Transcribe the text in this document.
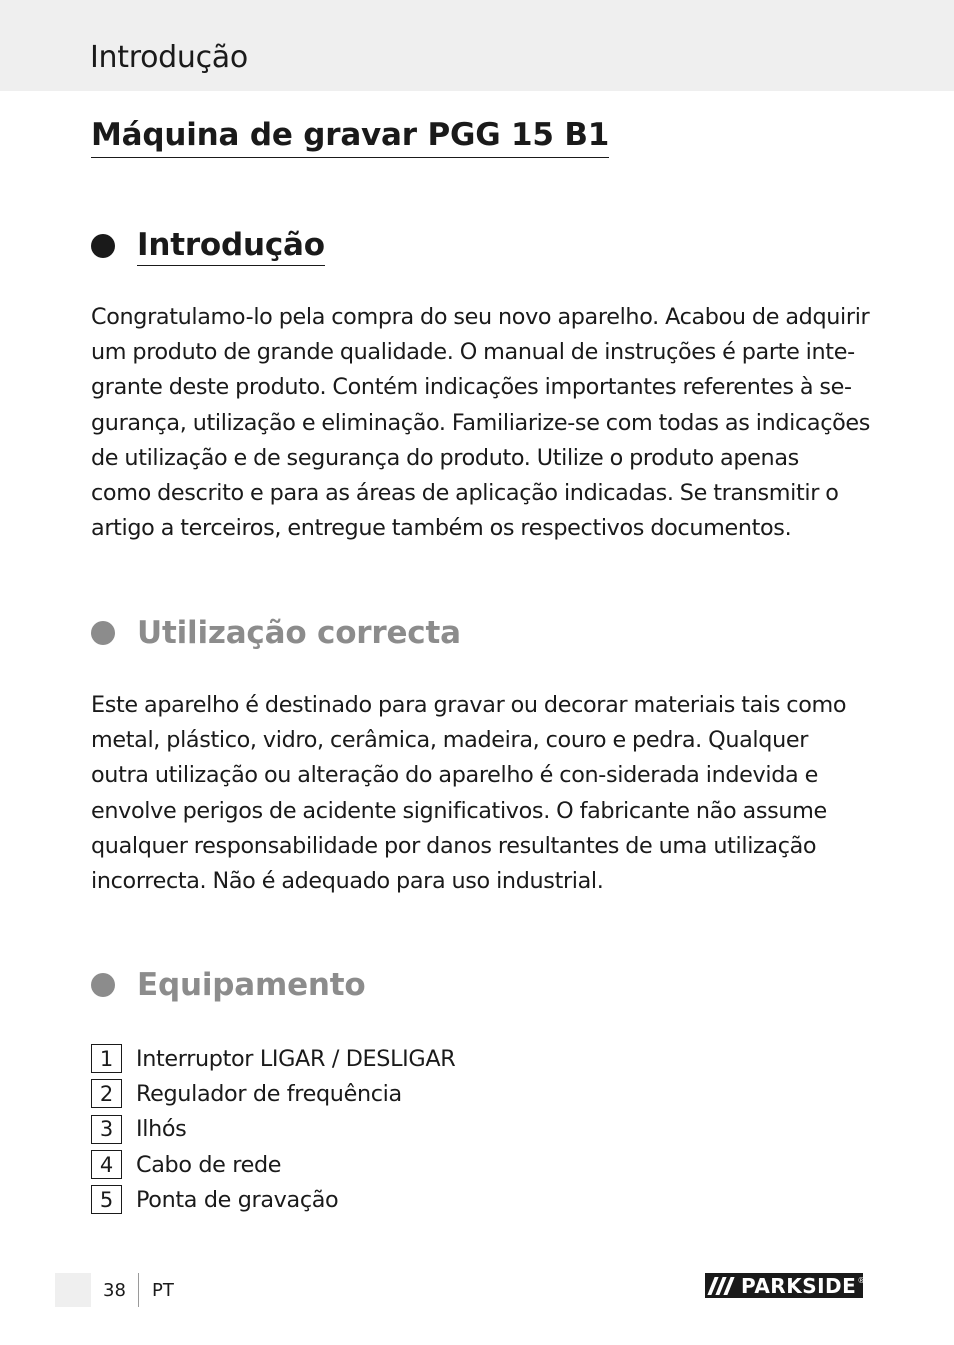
Introdução
Máquina de gravar PGG 15 B1
Introdução
Congratulamo-lo pela compra do seu novo aparelho. Acabou de adquirir
um produto de grande qualidade. O manual de instruções é parte inte-
grante deste produto. Contém indicações importantes referentes à se-
gurança, utilização e eliminação. Familiarize-se com todas as indicações
de utilização e de segurança do produto. Utilize o produto apenas
como descrito e para as áreas de aplicação indicadas. Se transmitir o
artigo a terceiros, entregue também os respectivos documentos.
Utilização correcta
Este aparelho é destinado para gravar ou decorar materiais tais como
metal, plástico, vidro, cerâmica, madeira, couro e pedra. Qualquer
outra utilização ou alteração do aparelho é con-siderada indevida e
envolve perigos de acidente significativos. O fabricante não assume
qualquer responsabilidade por danos resultantes de uma utilização
incorrecta. Não é adequado para uso industrial.
Equipamento
1	Interruptor LIGAR / DESLIGAR
2	Regulador de frequência
3	Ilhós
4	Cabo de rede
5	Ponta de gravação
38 PT	PARKSIDE ®
